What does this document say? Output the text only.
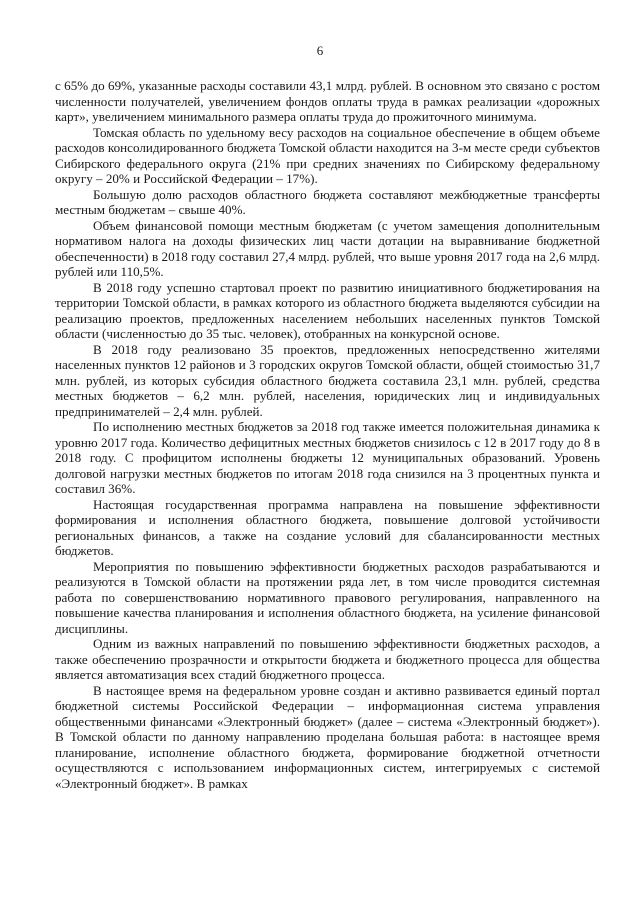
6

с 65% до 69%, указанные расходы составили 43,1 млрд. рублей. В основном это связано с ростом численности получателей, увеличением фондов оплаты труда в рамках реализации «дорожных карт», увеличением минимального размера оплаты труда до прожиточного минимума.

Томская область по удельному весу расходов на социальное обеспечение в общем объеме расходов консолидированного бюджета Томской области находится на 3-м месте среди субъектов Сибирского федерального округа (21% при средних значениях по Сибирскому федеральному округу – 20% и Российской Федерации – 17%).

Большую долю расходов областного бюджета составляют межбюджетные трансферты местным бюджетам – свыше 40%.

Объем финансовой помощи местным бюджетам (с учетом замещения дополнительным нормативом налога на доходы физических лиц части дотации на выравнивание бюджетной обеспеченности) в 2018 году составил 27,4 млрд. рублей, что выше уровня 2017 года на 2,6 млрд. рублей или 110,5%.

В 2018 году успешно стартовал проект по развитию инициативного бюджетирования на территории Томской области, в рамках которого из областного бюджета выделяются субсидии на реализацию проектов, предложенных населением небольших населенных пунктов Томской области (численностью до 35 тыс. человек), отобранных на конкурсной основе.

В 2018 году реализовано 35 проектов, предложенных непосредственно жителями населенных пунктов 12 районов и 3 городских округов Томской области, общей стоимостью 31,7 млн. рублей, из которых субсидия областного бюджета составила 23,1 млн. рублей, средства местных бюджетов – 6,2 млн. рублей, населения, юридических лиц и индивидуальных предпринимателей – 2,4 млн. рублей.

По исполнению местных бюджетов за 2018 год также имеется положительная динамика к уровню 2017 года. Количество дефицитных местных бюджетов снизилось с 12 в 2017 году до 8 в 2018 году. С профицитом исполнены бюджеты 12 муниципальных образований. Уровень долговой нагрузки местных бюджетов по итогам 2018 года снизился на 3 процентных пункта и составил 36%.

Настоящая государственная программа направлена на повышение эффективности формирования и исполнения областного бюджета, повышение долговой устойчивости региональных финансов, а также на создание условий для сбалансированности местных бюджетов.

Мероприятия по повышению эффективности бюджетных расходов разрабатываются и реализуются в Томской области на протяжении ряда лет, в том числе проводится системная работа по совершенствованию нормативного правового регулирования, направленного на повышение качества планирования и исполнения областного бюджета, на усиление финансовой дисциплины.

Одним из важных направлений по повышению эффективности бюджетных расходов, а также обеспечению прозрачности и открытости бюджета и бюджетного процесса для общества является автоматизация всех стадий бюджетного процесса.

В настоящее время на федеральном уровне создан и активно развивается единый портал бюджетной системы Российской Федерации – информационная система управления общественными финансами «Электронный бюджет» (далее – система «Электронный бюджет»). В Томской области по данному направлению проделана большая работа: в настоящее время планирование, исполнение областного бюджета, формирование бюджетной отчетности осуществляются с использованием информационных систем, интегрируемых с системой «Электронный бюджет». В рамках
